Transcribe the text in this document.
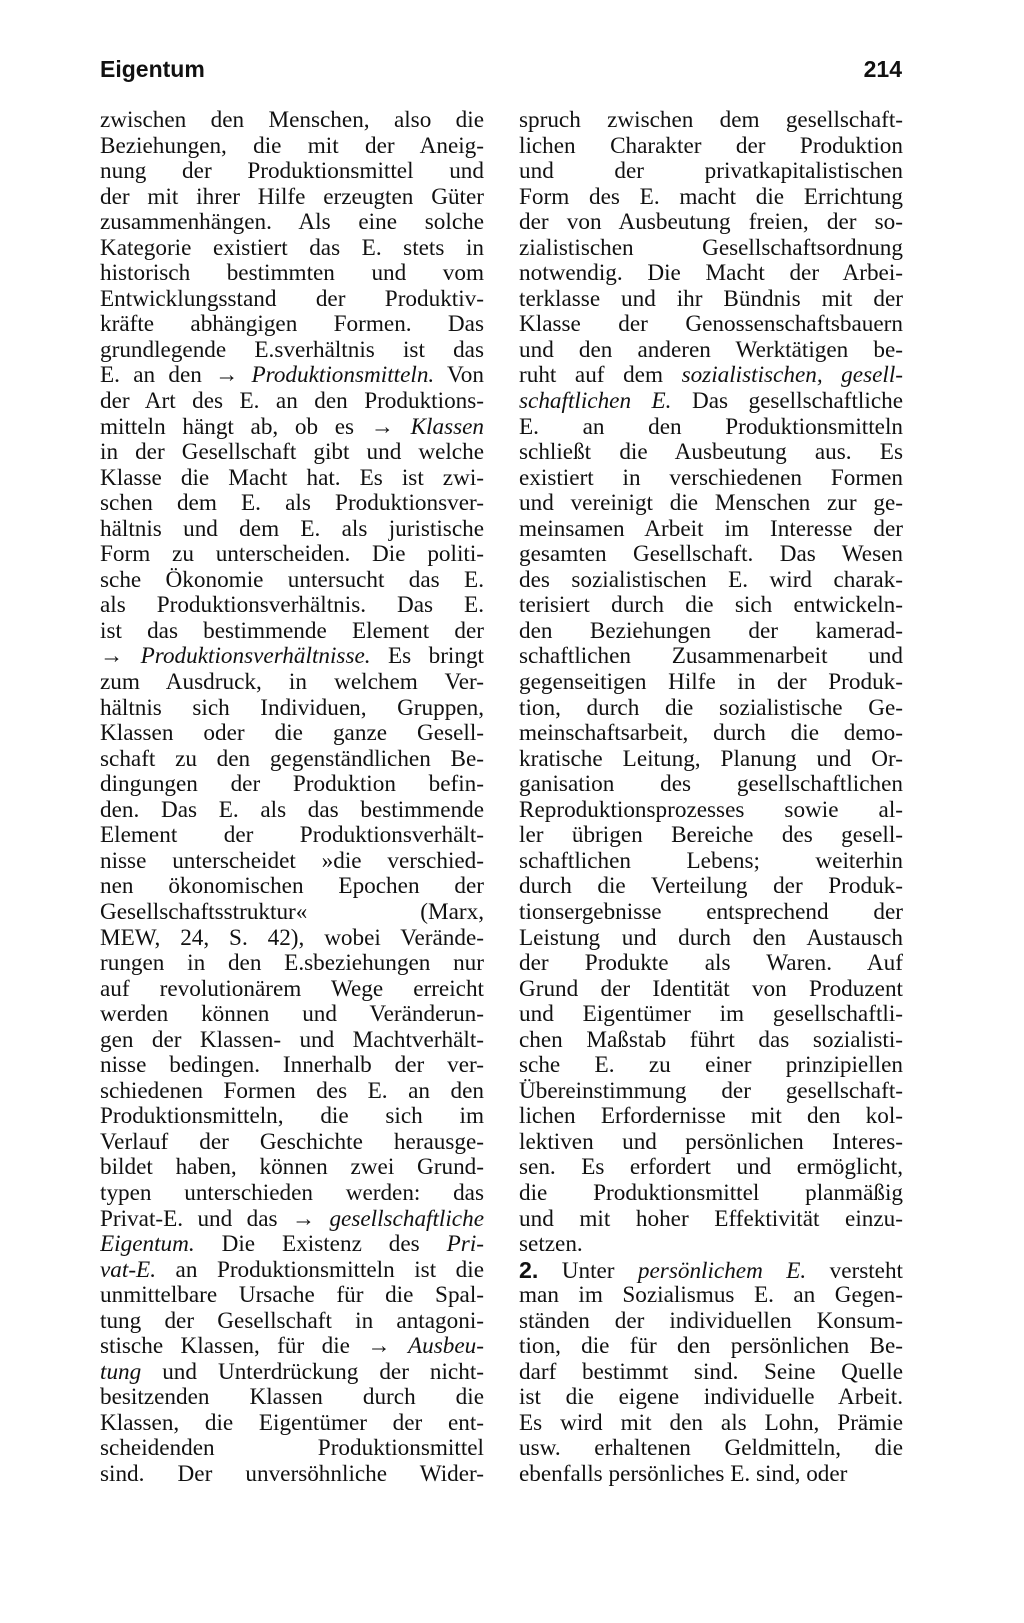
Eigentum	214
zwischen den Menschen, also die
Beziehungen, die mit der Aneig-
nung der Produktionsmittel und
der mit ihrer Hilfe erzeugten Güter
zusammenhängen. Als eine solche
Kategorie existiert das E. stets in
historisch bestimmten und vom
Entwicklungsstand der Produktiv-
kräfte abhängigen Formen. Das
grundlegende E.sverhältnis ist das
E. an den → Produktionsmitteln. Von
der Art des E. an den Produktions-
mitteln hängt ab, ob es → Klassen
in der Gesellschaft gibt und welche
Klasse die Macht hat. Es ist zwi-
schen dem E. als Produktionsver-
hältnis und dem E. als juristische
Form zu unterscheiden. Die politi-
sche Ökonomie untersucht das E.
als Produktionsverhältnis. Das E.
ist das bestimmende Element der
→ Produktionsverhältnisse. Es bringt
zum Ausdruck, in welchem Ver-
hältnis sich Individuen, Gruppen,
Klassen oder die ganze Gesell-
schaft zu den gegenständlichen Be-
dingungen der Produktion befin-
den. Das E. als das bestimmende
Element der Produktionsverhält-
nisse unterscheidet »die verschied-
nen ökonomischen Epochen der
Gesellschaftsstruktur« (Marx,
MEW, 24, S. 42), wobei Verände-
rungen in den E.sbeziehungen nur
auf revolutionärem Wege erreicht
werden können und Veränderun-
gen der Klassen- und Machtverhält-
nisse bedingen. Innerhalb der ver-
schiedenen Formen des E. an den
Produktionsmitteln, die sich im
Verlauf der Geschichte herausge-
bildet haben, können zwei Grund-
typen unterschieden werden: das
Privat-E. und das → gesellschaftliche
Eigentum. Die Existenz des Pri-
vat-E. an Produktionsmitteln ist die
unmittelbare Ursache für die Spal-
tung der Gesellschaft in antagoni-
stische Klassen, für die → Ausbeu-
tung und Unterdrückung der nicht-
besitzenden Klassen durch die
Klassen, die Eigentümer der ent-
scheidenden Produktionsmittel
sind. Der unversöhnliche Wider-
spruch zwischen dem gesellschaft-
lichen Charakter der Produktion
und der privatkapitalistischen
Form des E. macht die Errichtung
der von Ausbeutung freien, der so-
zialistischen Gesellschaftsordnung
notwendig. Die Macht der Arbei-
terklasse und ihr Bündnis mit der
Klasse der Genossenschaftsbauern
und den anderen Werktätigen be-
ruht auf dem sozialistischen, gesell-
schaftlichen E. Das gesellschaftliche
E. an den Produktionsmitteln
schließt die Ausbeutung aus. Es
existiert in verschiedenen Formen
und vereinigt die Menschen zur ge-
meinsamen Arbeit im Interesse der
gesamten Gesellschaft. Das Wesen
des sozialistischen E. wird charak-
terisiert durch die sich entwickeln-
den Beziehungen der kamerad-
schaftlichen Zusammenarbeit und
gegenseitigen Hilfe in der Produk-
tion, durch die sozialistische Ge-
meinschaftsarbeit, durch die demo-
kratische Leitung, Planung und Or-
ganisation des gesellschaftlichen
Reproduktionsprozesses sowie al-
ler übrigen Bereiche des gesell-
schaftlichen Lebens; weiterhin
durch die Verteilung der Produk-
tionsergebnisse entsprechend der
Leistung und durch den Austausch
der Produkte als Waren. Auf
Grund der Identität von Produzent
und Eigentümer im gesellschaftli-
chen Maßstab führt das sozialisti-
sche E. zu einer prinzipiellen
Übereinstimmung der gesellschaft-
lichen Erfordernisse mit den kol-
lektiven und persönlichen Interes-
sen. Es erfordert und ermöglicht,
die Produktionsmittel planmäßig
und mit hoher Effektivität einzu-
setzen.
2. Unter persönlichem E. versteht
man im Sozialismus E. an Gegen-
ständen der individuellen Konsum-
tion, die für den persönlichen Be-
darf bestimmt sind. Seine Quelle
ist die eigene individuelle Arbeit.
Es wird mit den als Lohn, Prämie
usw. erhaltenen Geldmitteln, die
ebenfalls persönliches E. sind, oder
